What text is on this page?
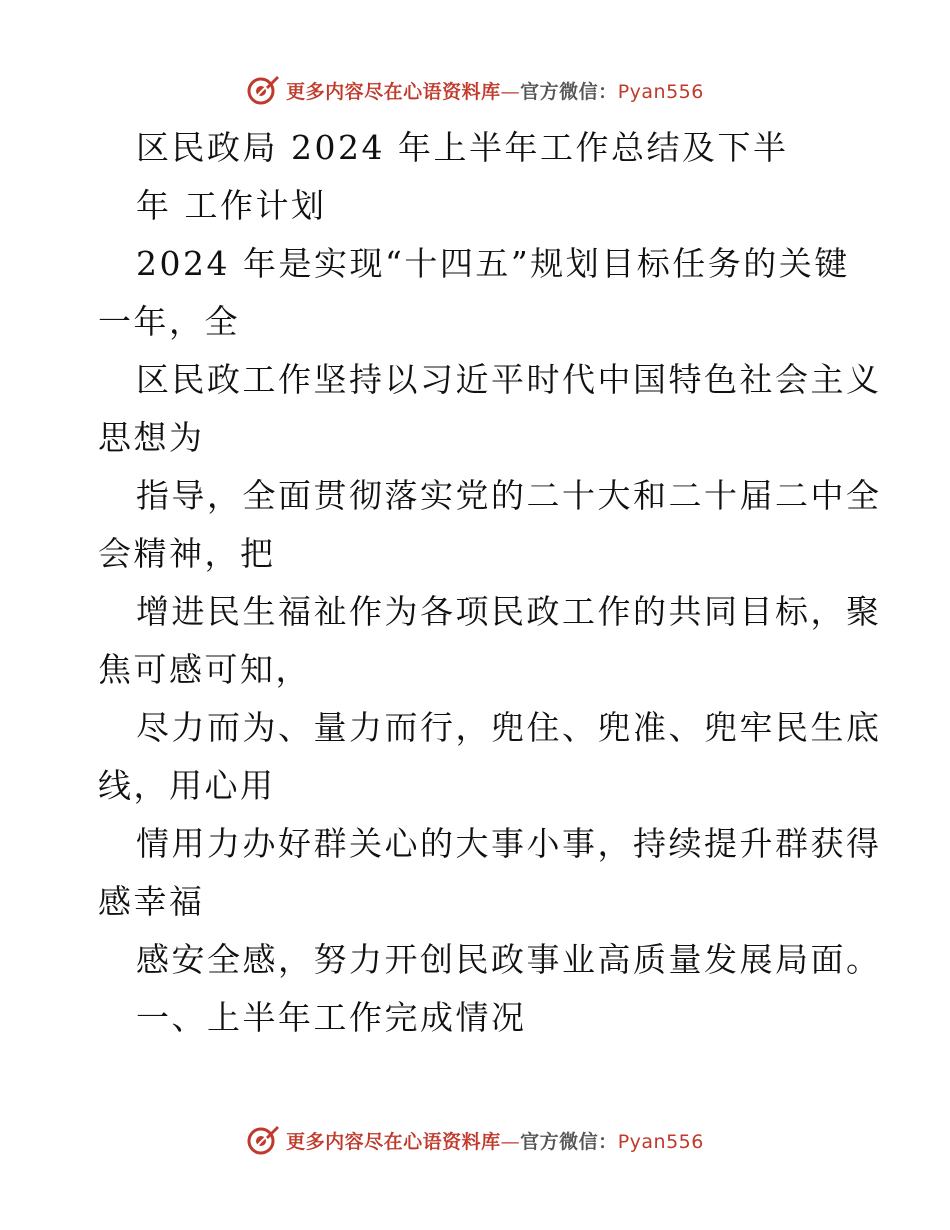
更多内容尽在心语资料库—官方微信：Pyan556
区民政局 2024 年上半年工作总结及下半
年 工作计划
2024 年是实现“十四五”规划目标任务的关键
一年，全
区民政工作坚持以习近平时代中国特色社会主义
思想为
指导，全面贯彻落实党的二十大和二十届二中全
会精神，把
增进民生福祉作为各项民政工作的共同目标，聚
焦可感可知，
尽力而为、量力而行，兜住、兜准、兜牢民生底
线，用心用
情用力办好群关心的大事小事，持续提升群获得
感幸福
感安全感，努力开创民政事业高质量发展局面。
一、上半年工作完成情况
更多内容尽在心语资料库—官方微信：Pyan556
